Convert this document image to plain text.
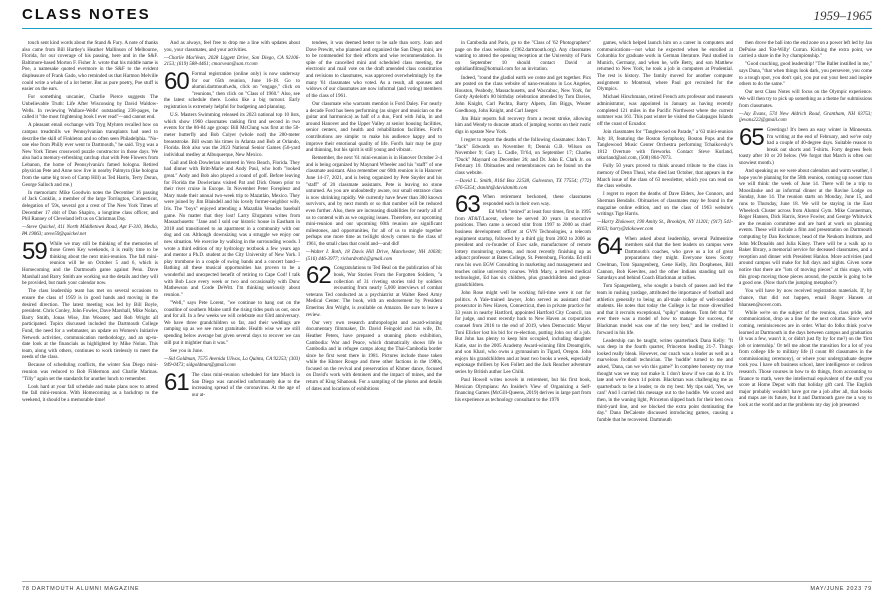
CLASS NOTES	1959–1965

touch sent kind words about the Stand & Fury. A note of thanks also came from Bill Hartley's Heather Mallinson of Melbourne, Florida, for our coverage of his passing, here and in the S&F. Baltimore-based Morton F. Fisher Jr. wrote that his middle name is Poe, a namesake quoted evermore in the S&F to the evident displeasure of Frank Gado, who reminded us that Harmon Melville could write a whale of a lot better. But as pure poetry, Poe stuff is easier on the ears.

For something uncanier, Charlie Pierce suggests The Unbelievable Truth: Life After Wisconsing by David Waldow-Wells. In reviewing Wallace-Wells' outstanding 238-pages, he called it "the most frightening book I ever read"—and cannot end.

A pleasant email exchange with Tryg Myhren recalled how on campus treadmills we Pennsylvanian transplants had used to describe the skill of Finkleton and so often seen Philadelphia. "No-one else from Philly ever went to Dartmouth," he said. Tryg was a New York Times crossword puzzle constructor in those days. We also had a memory-refreshing catchup chat with Pete Flowers from Lebanon, the home of Pennsylvania's famed bologna. Retired physician Pete and Anne now live in nearby Palmyra (like bologna from the same big town of Camp Hill) as Ted Harris, Terry Doran, George Salloch and me.)

In memoriam: Mike Goodwin notes the December 16 passing of Jack Conklin, a member of the large Torrington, Connecticut, delegation of '59s, several got a crest of The New York Times of December 17 obit of Dan Shapiro, a longtime class officer, and Phil Ranney of Cleveland left us on Christmas Day.

—Steve Quickel, 411 North Middletown Road, Apt F-310, Media, PA 19063; steve59@quickel.net

59 While we may still be thinking of the memories of those Green Key weekends, it is really time to be thinking about the next mini-reunion. The fall mini-reunion will be on October 5 and 6, which is Homecoming and the Dartmouth game against Penn. Dave Marshall and Barry Smith are working out the details and they will be provided, but mark your calendar now.

The class leadership team has met on several occasions to ensure the class of 1959 is in good hands and moving in the desired direction. The latest meeting was led by Bill Boyle, president. Chris Conley, John Fowles, Dave Marshall, Mike Nolan, Barry Smith, Jonas Wise, Jim Wooster, and Bob Wright all participated. Topics discussed included the Dartmouth College Fund, the need for a webmaster, an update on Women's Initiative Network activities, communication methodology, and an up-to-date look at the financials as highlighted by Mike Nolan. This team, along with others, continues to work tirelessly to meet the needs of the class.

Because of scheduling conflicts, the winter San Diego mini-reunion was reduced to Bob Fildermon and Charlie Marinas. "Tilly" again set the standards for another lunch to remember.

Look hard at your fall schedule and make plans now to attend the fall mini-reunion. With Homecoming as a backdrop to the weekend, it should be a memorable time!

And as always, feel free to drop me a line with updates about you, your classmates, and your activities.

—Charlie MacVean, 2028 Liggett Drive, San Diego, CA 92106-2153; (619) 588-4461; cmacvean@san.rr.com

60 Formal registration (online only) is now underway for our 65th reunion, June 16-18. Go to alumni.dartmouth.edu, click on "engage," click on "reunions," then click on "Class of 1960." Also, see the latest schedule there. Looks like a big turnout. Early registration is extremely helpful for budgeting and planning.

U.S. Masters Swimming released its 2023 national top 10 lists, which show 1960 classmates ranking first and second in two events for the 80-84 age group: Bill McClung was first at the 50-meter butterfly and Bob Colyer (whole nod) the 200-meter breaststroke. Bill swam his times in Atlanta and Bob at Orlando, Florida. Bob also was the 2023 National Senior Games (50-yard individual medley at Albuquerque, New Mexico.

Gail and Bob Dowlerian wintered in Vero Beach, Florida. They had dinner with Britt-Marie and Andy Paul, who both "looked great." Andy and Bob also played a round of golf. Before leaving for Florida the Dowlerians visited Pat and Dick Onsen prior to their river cruise in Europe. In November Peter Forepleur and Mary made their annual two-week trip to Mazatlán, Mexico. They were joined by Jim Blaisdell and his lovely former-neighbor wife, Iris. The "boys" enjoyed attending a Mazatlán Venados baseball game. No matter that they lost! Larry Ehrgamm writes from Massachusetts: "Jane and I sold our historic house in Eastham in 2018 and transitioned to an apartment in a community with our dog and cat. Although downsizing was a struggle we enjoy our new situation. We exercise by walking in the surrounding woods. I wrote a third edition of my hydrology textbook a few years ago and mentor a Ph.D. student at the City University of New York. I play trombone in a couple of swing bands and a concert band—Bathing all these musical opportunities has proven to be a wonderful and unexpected benefit of retiring to Cape Cod! I talk with Bob Luce every week or two and occasionally with Dunc Mathewson and Corde DeWitt. I'm thinking seriously about reunion."

"Well," says Pete Lorent, "we continue to hang out on the coastline of southern Maine until the rising tides push us out, once and for all. In a few weeks we will celebrate our 63rd anniversary. We have three grandchildren so far, and their weddings are ramping up as we see most gratuitude. Health wise we are still spending below average but given several days to recover we can still put it mightier than it was."

See you in June.

—Sid Goldman, 7575 Avenida Ulivas, La Quinta, CA 92253; (303) 949-0473; sidgoldman@gmail.com

61 The class mini-reunion scheduled for late March in San Diego was cancelled unfortunately due to the increasing spread of the coronavirus. At the age of our at-

tendees, it was deemed better to be safe than sorry. Joan and Dave Prewitt, who planned and organized the San Diego mini, are to be commended for their efforts and wise recommendation. In spite of the cancelled mini and scheduled class meeting, the electronic and mail vote on the draft amended class constitution and revisions to classmates, was approved overwhelmingly by the many '61 classmates who voted. As a result, all spouses and widows of our classmates are now informal (and voting) members of the class of 1961.

Our classmate who warrants mention is Ford Daley. For nearly a decade Ford has been performing (as singer and musician on the guitar and harmonica) as half of a duo, Ford with Julia, in and around Hanover and the Upper Valley at senior housing facilities, senior centers, and health and rehabilitation facilities. Ford's contributions are simple: to make his audience happy and to improve their emotional quality of life. Ford's hair may be gray and thinning, but his spirit is still young and vibrant.

Remember, the next '61 mini-reunion is in Hanover October 2-4 and is being organized by Maynard Wheeler and his "staff" of one classmate assistant. Also remember our 60th reunion is in Hanover June 14-17, 2021, and is being organized by Pete Snyder and his "staff" of 20 classmate assistants. Pete is leaving no stone unturned. As you are undoubtedly aware, our small entrance class is now shrinking rapidly. We currently have fewer than 300 known survivors, and by next month or so that number will be reduced even further. Also, there are increasing disabilities for nearly all of us to contend with as we ongoing issues. Therefore, our upcoming mini-reunion and our upcoming 60th reunion are significant milestones, and opportunities, for all of us to mingle together perhaps one more time as twilight slowly comes to the class of 1961, the small class that could and—and did!

—Walter I. Roth, 18 Davis Hill Drive, Manchester, NH 10030; (516) 446-3977; richardroth1@gmail.com

62 Congratulations to Ted Beal on the publication of his book, War Stories From the Forgotten Soldiers, "a collection of 31 riveting stories told by soldiers recounting from nearly 5,000 interviews of combat veterans Ted conducted as a psychiatrist at Walter Reed Army Medical Center. The book, with an endorsement by President Emeritus Jim Wright, is available on Amazon. Be sure to leave a review.

Our very own research anthropologist and award-winning documentary filmmaker, Dr. David Feingold and his wife, Dr. Heather Peters, have prepared a stunning photo exhibition, Cambodia: War and Peace, which dramatically shows life in Cambodia and in refugee camps along the Thai-Cambodia border since he first went there in 1981. Pictures include those taken while the Khmer Rouge and three other factions in the 1980s, focused on the revival and preservation of Khmer dance, focused on David's work with deminers and the impact of mines, and the return of King Sihanouk. For a sampling of the photos and details of dates and locations of exhibitions

in Cambodia and Paris, go to the "Class of '62 Photographers" page on the class website. (1962.dartmouth.org). Any classmates wanting to attend the opening reception at the University of Paris on September 10 should contact David at ophidianfilms@hotmail.com for an invitation.

Indeed, "round the gladiol earth we come and get together. Pics are posted on the class website of nano-reunions in Los Angeles, Houston, Peabody, Massachusetts, and Waccabuc, New York, for Gordy Aydelott's 80 birthday celebration attended by Tom Davies, John Knight, Carl Pachta, Barry Alpern, Jim Biggs, Wouter Goedkoop, John Knight, and Carl Jaeger.

Jim Blair reports full recovery from a recent stroke, allowing him and Wendy to duncate attack of jumping worms on their rustic digs in upstate New York.

I regret to report the deaths of the following classmates: John T. "Jack" Edwards on November 8; Dennis G.B. Wilson on November 9; Gary L. Cadle, Tr'64, on September 17; Charles "Duck" Maynard on December 26; and Dr. John E. Clark Jr. on February 10. Obituaries and remembrances can be found on the class website.

—David L. Smith, 8164 Box 22538, Galveston, TX 77554; (772) 676-5354; dsmith@davidsmith.com

63 When retirement beckoned, these classmates responded each in their own way.

Ed Wirth "retired" at least four times, first in 1995 from AT&T/Lucent, where he served 30 years in executive positions. Then came a second stint from 1997 to 2000 as chief business development officer at GVN Technologies, a telecom equipment startup, followed by a third gig from 2002 to 2006 as president and co-founder of Exec safe, manufacturer of remote lottery monitoring systems, and most recently finishing up as adjunct professor at Bates College, St. Petersburg, Florida. Ed still runs his own EGW Consulting in marketing and management and teaches online university courses. With Mary, a retired medical technologist, Ed has six children, plus grandchildren and great-grandchildren.

John Rose might well be working full-time were it not for politics. A Yale-trained lawyer, John served as assistant chief prosecutor in New Haven, Connecticut, then in private practice for 33 years in nearby Hartford, appointed Hartford City Council, ran for judge, and most recently back to New Haven as corporation counsel from 2016 to the end of 2019, when Democratic Mayor Toni Elicker lost his bid for re-election, putting John out of a job. But John has plenty to keep him occupied, including daughter Katie, star in the 2005 Academy Award-winning film Dreamgirls, and son Khari, who owns a gymnasium in Tigard, Oregon. John enjoys his grandchildren and at least two books a week, especially espionage thrillers by Ken Follett and the Jack Reacher adventure series by British author Lee Child.

Paul Howell writes novels in retirement, but his first book, Mexican Olympians: An Insider's View of Organizing a Self-financing Games (McGill-Queens, 2019) derives in large part from his experience as technology consultant to the 1976

games, which helped launch him on a career in computers and communications—not what he expected when he enrolled at Columbia for graduate work in German literature. Paul studied in Munich, Germany, and when he, wife Betty, and son Matthew returned to New York, he took a job in computers at Prudential. The rest is history. The family moved for another computer assignment to Montreal, where Paul got recruited for the Olympics.

Michael Hirschmann, retired French arts professor and museum administrator, was appointed in January as having recently completed 121 miles in the Pacific Northwest where the current summer was 161. This past winter he visited the Galapagos Islands off the coast of Ecuador.

Join classmates for "Tanglewood on Parade," a '63 mini-reunion July 18, featuring the Boston Symphony, Boston Pops and the Tanglewood Music Center Orchestra performing Tchaikovsky's 1812 Overture with fireworks. Contact Steve Kurland, stkurland@aol.com, (508) 864-7073.

Fully 50 years proved to think around tribute to the class in memory of Denn Theal, who died last October, that appears in the March issue of the class of 63 newsletter, which you can read on the class website.

I regret to report the deaths of Dave Elders, Joe Connors, and Sherman Bendalis. Obituaries of classmates may be found in the magazine online edition, and on the class of 1963 website's writings Tige Harris.

—Harry Zlokower, 190 Amity St., Brooklyn, NY 11201; (917) 541-8163; harry@zlokower.com

64 When asked about leadership, several Palmentine members said that the best leaders on campus were Dartmouth's coaches, who gave us a lot of great preparations they might. Everyone knew Scotty Creelman, Tom Spangenberg, Gene Kelly, Jim Dosphenes, Bill Cannon, Bob Keevites, and the other Indians standing tall on Saturdays and behind Coach Blackman at rallies.

Tom Spangenberg, who sought a bunch of passes and led the team in rushing yardage, attributed the importance of football and athletics generally to being an all-male college of well-rounded students. He notes that today the College is far more diversified and that it recruits exceptional, "spiky" students. Tom felt that "if ever there was a model of how to manage for success, the Blackman model was one of the very best," and he credited it forward in his life.

Leadership can be taught, writes quarterback Dana Kelly: "It was deep in the fourth quarter, Princeton leading 21-7. Things looked really bleak. However, our coach was a leader as well as a marvelous football technician. The 'huddle' turned to me and asked, 'Dana, can we win this game?' In complete honesty my true thought was we may not make it. I don't know if we can do it. It's late and we're down 14 points. Blackman was challenging me as quarterback to be a leader, to do my best. My tips said, 'Yes, we can!' And I carried this message out to the huddle. We scored and then, in the waning light, Princeton slipped back for their best own third-yard line, and we blocked the extra point dominating the day." Dana DeCalente discussed introducing games, causing a fumble that he recovered. Dartmouth

then drove the ball into the end zone on a power left led by Jan DePuise and 'Fat-Willy' Curran. Kicking the extra point, we carried a share in the Ivy championship."

"Good coaching, good leadership! "The Ballet instilled in me," says Dana, "that when things look dark, you persevere, you come to a tough spot, you don't quit, you put out your best and inspire others to do the same."

Our next Class Notes will focus on the Olympic experience. We will then try to pick up something as a theme for submissions from classmates.

—Jay Evans, 574 New Aldrich Road, Grantham, NH 03753; jjevans222@gmail.com

65 Greetings! It's been an easy winter in Minnesota. I'm writing at the end of February, and we've only had a couple of 40-degree days. Suitable reason to break out shorts and T-shirts. Forty degrees feels toasty after 10 or 20 below. (We forgot that March is often our snowiest month.)

And speaking as we were about calendars and warm weather, I hope you're planning for the 58th reunion, coming up sooner than we will think: the week of June 14. There will be a trip to Moosilauke and an informal dinner at the Ravine Lodge on Sunday, June 14. The reunion starts on Monday, June 15, and runs to Thursday, June 18. We will be staying in the East Wheelock Cluster across from Alumni Gym. Mike Connerman, Roger Hansen, Dick Harris, Steve Fowler, and George Whitwick are the reunion committee and are hard at work on planning events. These will include a film and presentation on Dartmouth computing by Dan Rockmore, head of the Neukom Institute, and John McDonalds and Julia Kiney. There will be a walk up to Baker library, a memorial service for deceased classmates, and a reception and dinner with President Hanlon. More activities (and around campus will make for full days and nights. Given some notice that there are "lots of moving pieces" at this stage, with this group moving those pieces around, the puzzle is going to be a good one. (Now that's the jumping metaphor?)

You will have by now received registration materials. If, by chance, that did not happen, email Roger Hansen at hhansen@sover.com.

While we're on the subject of the reunion, class pride, and communication, drop us a line for the next column. Since we're coming, reminiscences are in order. What do folks think you've learned at Dartmouth in the days between campus and graduation (it was a few, wasn't it, or didn't just fly by for me?) on the 'first job or internship.' Or tell me about the transition for a lot of you from college life to military life (I count 88 classmates in the commissioning ceremony), or where your undergraduate degree took you. I have oft business school, later intelligence or codiron research. Those courses in how to do things, from accounting to finance to math, were the intellectual equivalent of the stuff you score at Home Depot with that holiday gift card. The English major probably wouldn't have got me a job after all, that books and maps are its future, but it and Dartmouth gave me a way to look at the world and at the problems my day job presented

78 DARTMOUTH ALUMNI MAGAZINE	MAY/JUNE 2023 79
